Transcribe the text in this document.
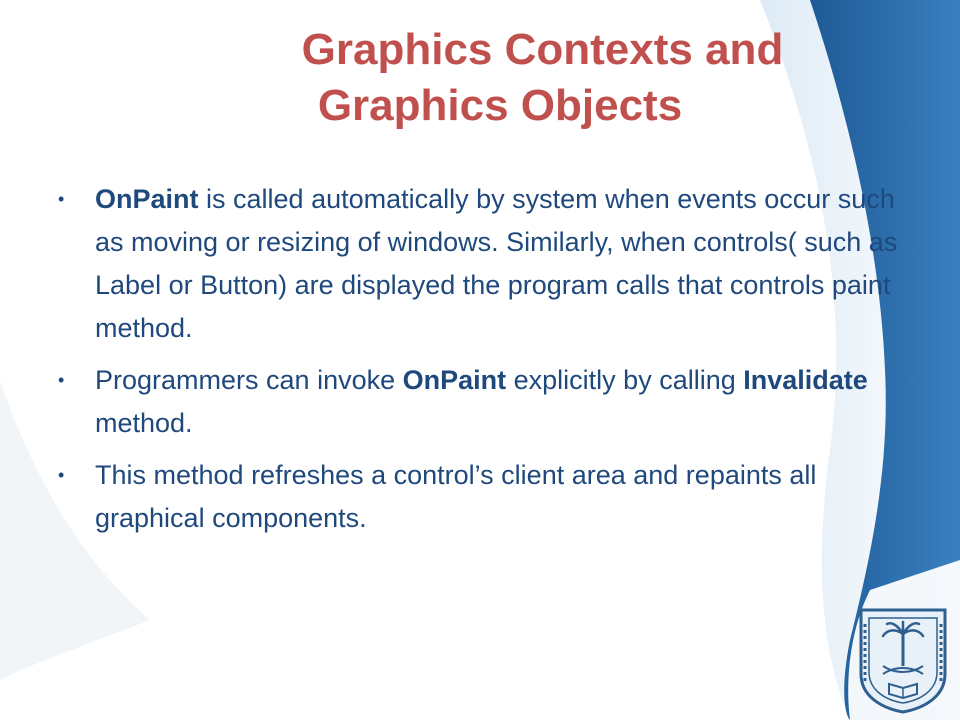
Graphics Contexts and
Graphics Objects
•	OnPaint is called automatically by system when events occur such as moving or resizing of windows. Similarly, when controls( such as Label or Button) are displayed the program calls that controls paint method.
•	Programmers can invoke OnPaint explicitly by calling Invalidate method.
•	This method refreshes a control’s client area and repaints all graphical components.
